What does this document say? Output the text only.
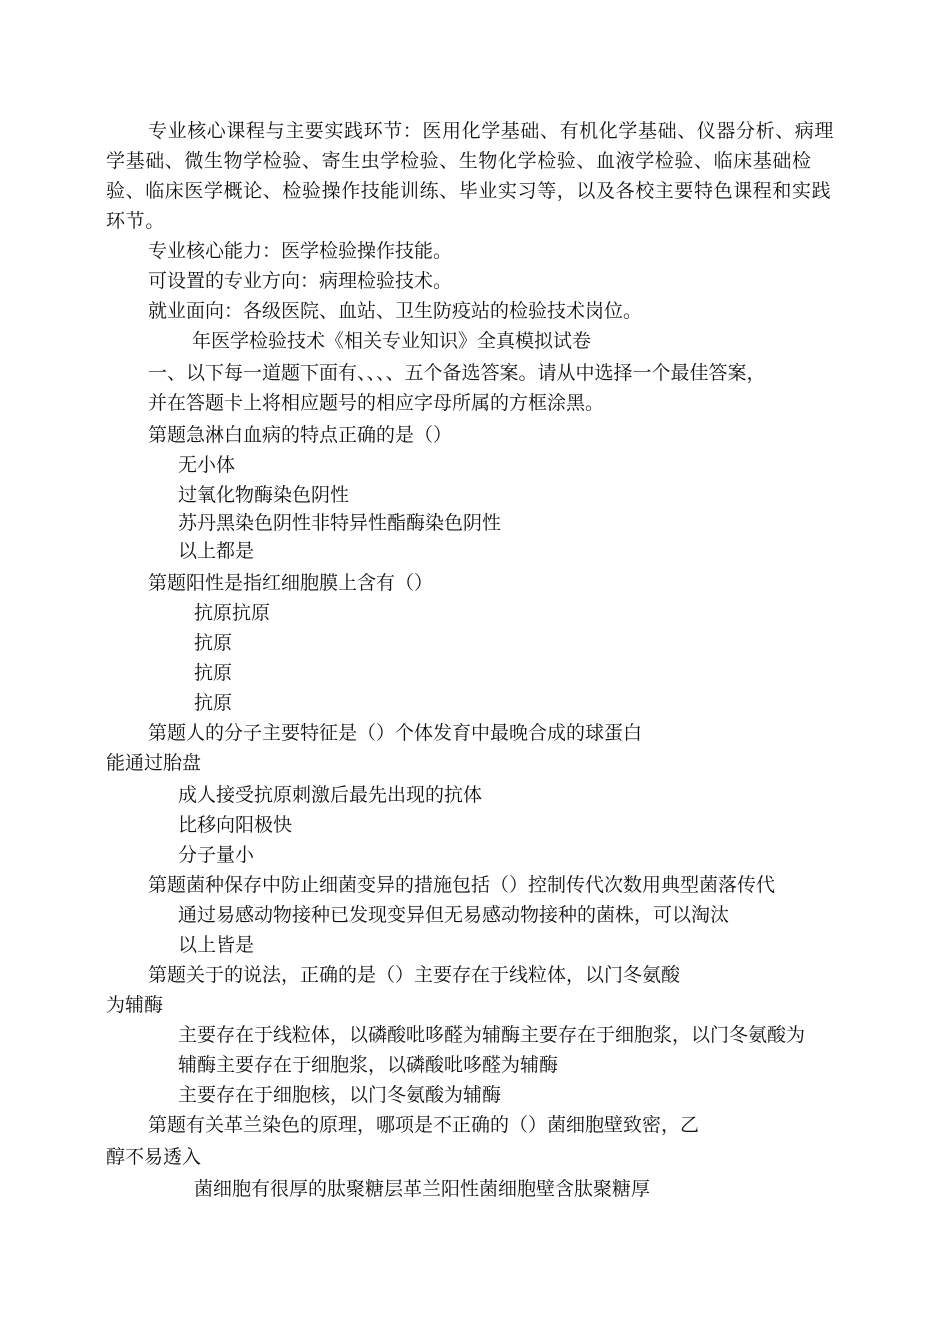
专业核心课程与主要实践环节：医用化学基础、有机化学基础、仪器分析、病理学基础、微生物学检验、寄生虫学检验、生物化学检验、血液学检验、临床基础检验、临床医学概论、检验操作技能训练、毕业实习等，以及各校主要特色课程和实践环节。
专业核心能力：医学检验操作技能。
可设置的专业方向：病理检验技术。
就业面向：各级医院、血站、卫生防疫站的检验技术岗位。
年医学检验技术《相关专业知识》全真模拟试卷
一、以下每一道题下面有、、、、五个备选答案。请从中选择一个最佳答案，
并在答题卡上将相应题号的相应字母所属的方框涂黑。
第题急淋白血病的特点正确的是（）
无小体
过氧化物酶染色阴性
苏丹黑染色阴性非特异性酯酶染色阴性
以上都是
第题阳性是指红细胞膜上含有（）
抗原抗原
抗原
抗原
抗原
第题人的分子主要特征是（）个体发育中最晚合成的球蛋白
能通过胎盘
成人接受抗原刺激后最先出现的抗体
比移向阳极快
分子量小
第题菌种保存中防止细菌变异的措施包括（）控制传代次数用典型菌落传代
通过易感动物接种已发现变异但无易感动物接种的菌株，可以淘汰
以上皆是
第题关于的说法，正确的是（）主要存在于线粒体，以门冬氨酸
为辅酶
主要存在于线粒体，以磷酸吡哆醛为辅酶主要存在于细胞浆，以门冬氨酸为
辅酶主要存在于细胞浆，以磷酸吡哆醛为辅酶
主要存在于细胞核，以门冬氨酸为辅酶
第题有关革兰染色的原理，哪项是不正确的（）菌细胞壁致密，乙
醇不易透入
菌细胞有很厚的肽聚糖层革兰阳性菌细胞壁含肽聚糖厚
